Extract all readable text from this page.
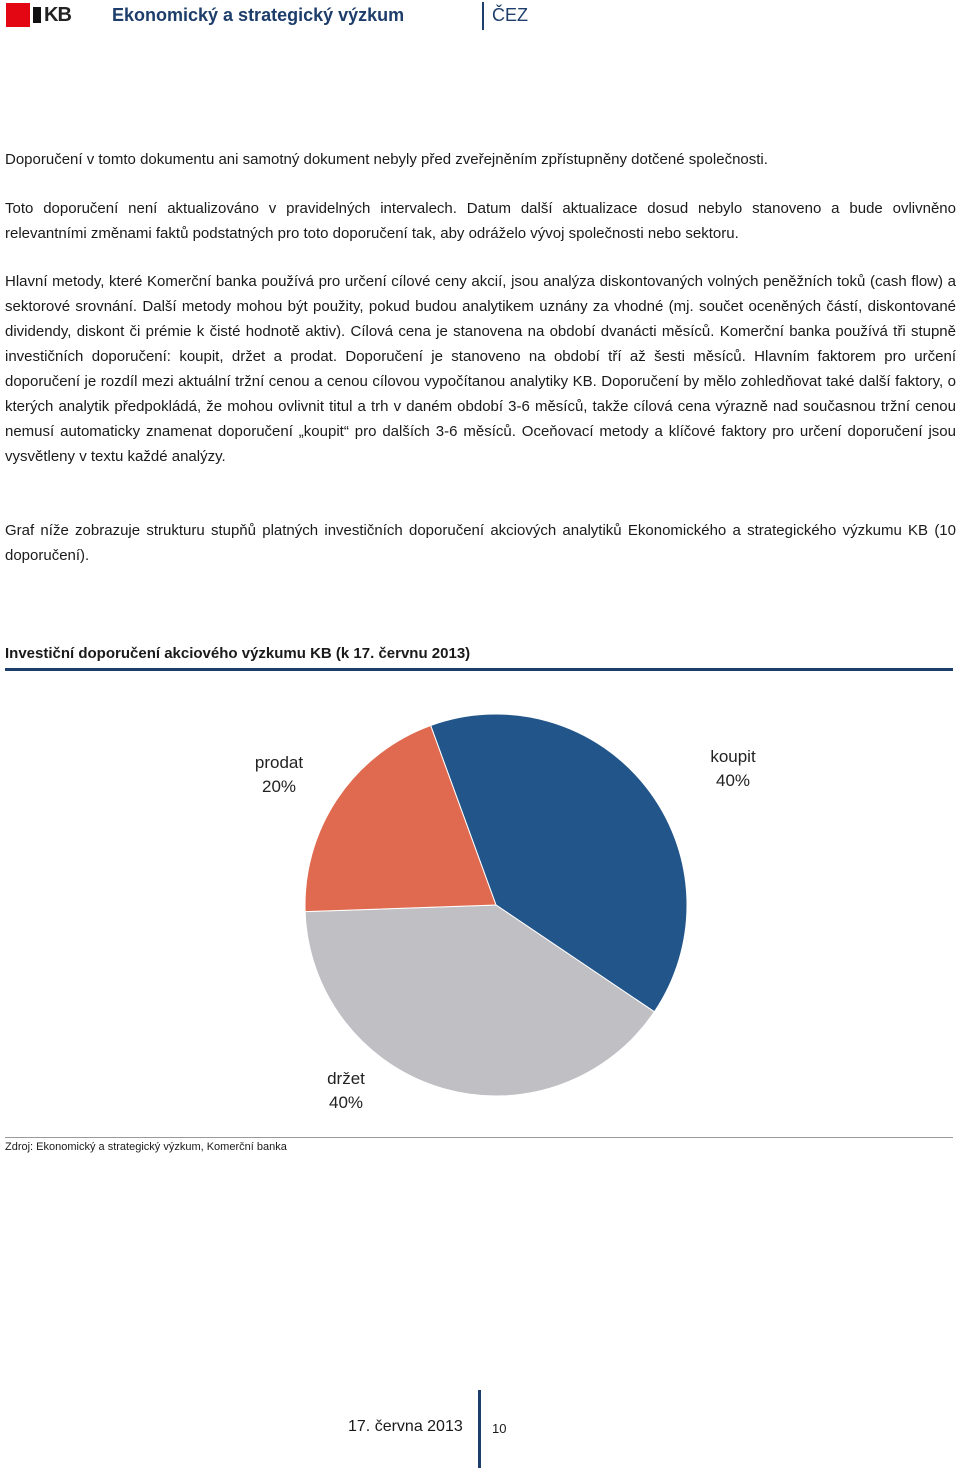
KB Ekonomický a strategický výzkum	ČEZ

Doporučení v tomto dokumentu ani samotný dokument nebyly před zveřejněním zpřístupněny dotčené společnosti.

Toto doporučení není aktualizováno v pravidelných intervalech. Datum další aktualizace dosud nebylo stanoveno a bude ovlivněno relevantními změnami faktů podstatných pro toto doporučení tak, aby odráželo vývoj společnosti nebo sektoru.

Hlavní metody, které Komerční banka používá pro určení cílové ceny akcií, jsou analýza diskontovaných volných peněžních toků (cash flow) a sektorové srovnání. Další metody mohou být použity, pokud budou analytikem uznány za vhodné (mj. součet oceněných částí, diskontované dividendy, diskont či prémie k čisté hodnotě aktiv). Cílová cena je stanovena na období dvanácti měsíců. Komerční banka používá tři stupně investičních doporučení: koupit, držet a prodat. Doporučení je stanoveno na období tří až šesti měsíců. Hlavním faktorem pro určení doporučení je rozdíl mezi aktuální tržní cenou a cenou cílovou vypočítanou analytiky KB. Doporučení by mělo zohledňovat také další faktory, o kterých analytik předpokládá, že mohou ovlivnit titul a trh v daném období 3-6 měsíců, takže cílová cena výrazně nad současnou tržní cenou nemusí automaticky znamenat doporučení „koupit“ pro dalších 3-6 měsíců. Oceňovací metody a klíčové faktory pro určení doporučení jsou vysvětleny v textu každé analýzy.

Graf níže zobrazuje strukturu stupňů platných investičních doporučení akciových analytiků Ekonomického a strategického výzkumu KB (10 doporučení).

Investiční doporučení akciového výzkumu KB (k 17. červnu 2013)
koupit
40%
držet
40%
prodat
20%
Zdroj: Ekonomický a strategický výzkum, Komerční banka
17. června 2013 10
